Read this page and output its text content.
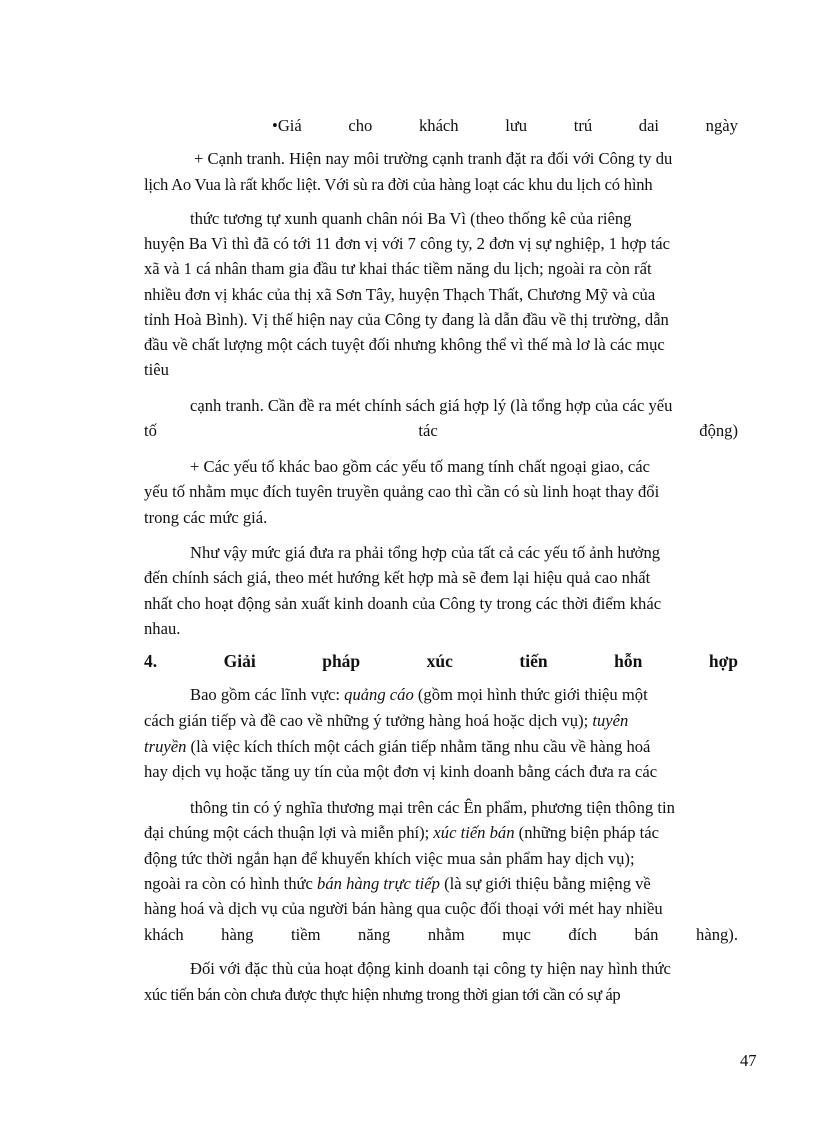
•Giá	cho	khách	lưu	trú	dai	ngày
+ Cạnh tranh. Hiện nay môi trường cạnh tranh đặt ra đối với Công ty du
lịch Ao Vua là rất khốc liệt. Với sù ra đời của hàng loạt các khu du lịch có hình
thức tương tự xunh quanh chân nói Ba Vì (theo thống kê của riêng
huyện Ba Vì thì đã có tới 11 đơn vị với 7 công ty, 2 đơn vị sự nghiệp, 1 hợp tác
xã và 1 cá nhân tham gia đầu tư khai thác tiềm năng du lịch; ngoài ra còn rất
nhiều đơn vị khác của thị xã Sơn Tây, huyện Thạch Thất, Chương Mỹ và của
tỉnh Hoà Bình). Vị thế hiện nay của Công ty đang là dẫn đầu về thị trường, dẫn
đầu về chất lượng một cách tuyệt đối nhưng không thể vì thế mà lơ là các mục
tiêu
cạnh tranh. Cần đề ra mét chính sách giá hợp lý (là tổng hợp của các yếu
tố	tác	động)
+ Các yếu tố khác bao gồm các yếu tố mang tính chất ngoại giao, các
yếu tố nhằm mục đích tuyên truyền quảng cao thì cần có sù linh hoạt thay đổi
trong các mức giá.
Như vậy mức giá đưa ra phải tổng hợp của tất cả các yếu tố ảnh hưởng
đến chính sách giá, theo mét hướng kết hợp mà sẽ đem lại hiệu quả cao nhất
nhất cho hoạt động sản xuất kinh doanh của Công ty trong các thời điểm khác
nhau.
4.	Giải	pháp	xúc	tiến	hỗn	hợp
Bao gồm các lĩnh vực: quảng cáo (gồm mọi hình thức giới thiệu một
cách gián tiếp và đề cao về những ý tưởng hàng hoá hoặc dịch vụ); tuyên
truyền (là việc kích thích một cách gián tiếp nhằm tăng nhu cầu về hàng hoá
hay dịch vụ hoặc tăng uy tín của một đơn vị kinh doanh bằng cách đưa ra các
thông tin có ý nghĩa thương mại trên các Ên phẩm, phương tiện thông tin
đại chúng một cách thuận lợi và miễn phí); xúc tiến bán (những biện pháp tác
động tức thời ngắn hạn để khuyến khích việc mua sản phẩm hay dịch vụ);
ngoài ra còn có hình thức bán hàng trực tiếp (là sự giới thiệu bằng miệng về
hàng hoá và dịch vụ của người bán hàng qua cuộc đối thoại với mét hay nhiều
khách hàng tiềm năng nhằm mục đích bán hàng).
Đối với đặc thù của hoạt động kinh doanh tại công ty hiện nay hình thức
xúc tiến bán còn chưa được thực hiện nhưng trong thời gian tới cần có sự áp
47
